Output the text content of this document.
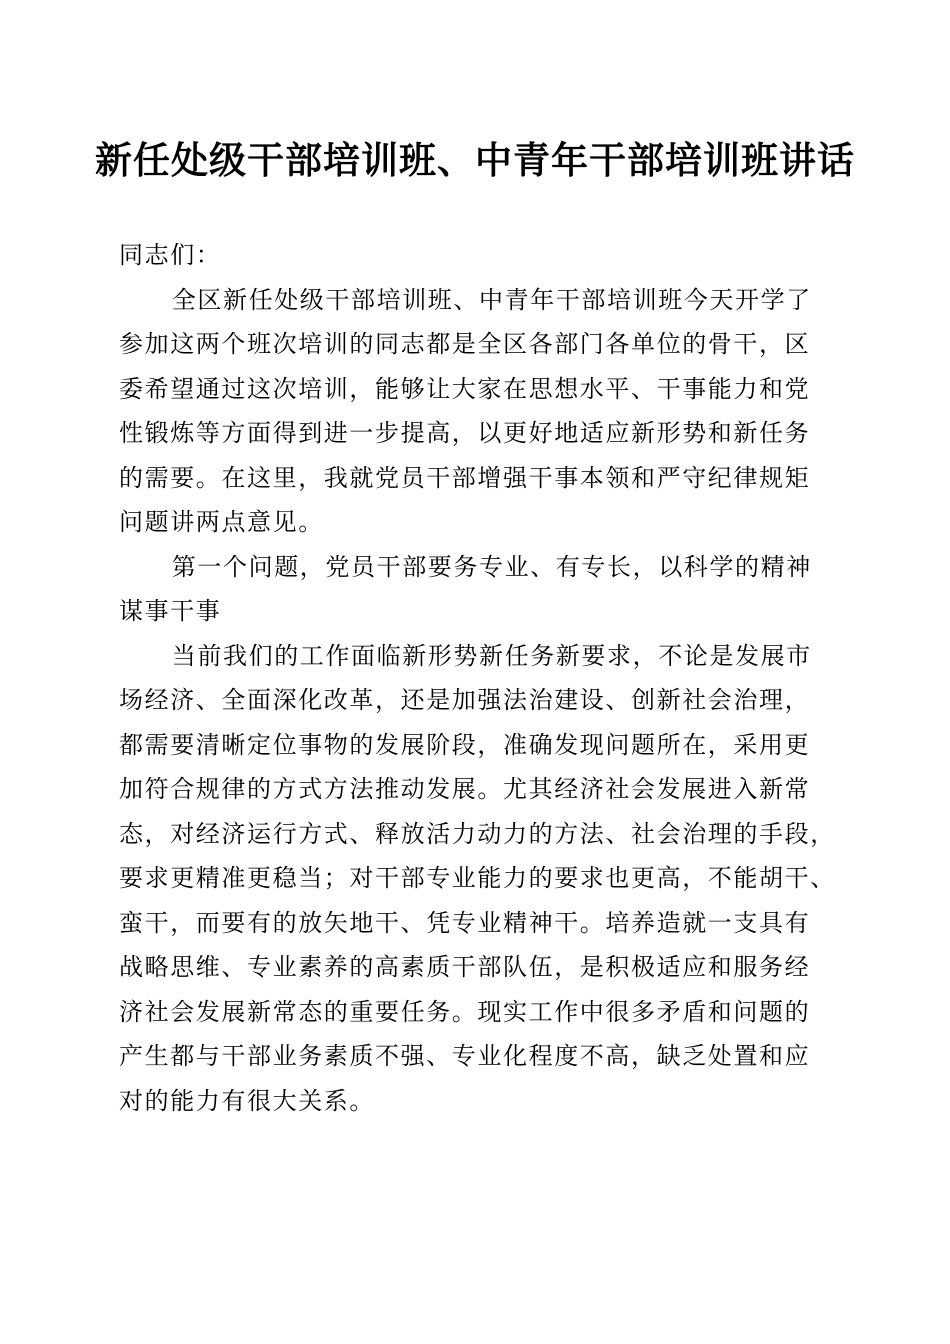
新任处级干部培训班、中青年干部培训班讲话
同志们：
全区新任处级干部培训班、中青年干部培训班今天开学了
参加这两个班次培训的同志都是全区各部门各单位的骨干，区
委希望通过这次培训，能够让大家在思想水平、干事能力和党
性锻炼等方面得到进一步提高，以更好地适应新形势和新任务
的需要。在这里，我就党员干部增强干事本领和严守纪律规矩
问题讲两点意见。
第一个问题，党员干部要务专业、有专长，以科学的精神
谋事干事
当前我们的工作面临新形势新任务新要求，不论是发展市
场经济、全面深化改革，还是加强法治建设、创新社会治理，
都需要清晰定位事物的发展阶段，准确发现问题所在，采用更
加符合规律的方式方法推动发展。尤其经济社会发展进入新常
态，对经济运行方式、释放活力动力的方法、社会治理的手段，
要求更精准更稳当；对干部专业能力的要求也更高，不能胡干、
蛮干，而要有的放矢地干、凭专业精神干。培养造就一支具有
战略思维、专业素养的高素质干部队伍，是积极适应和服务经
济社会发展新常态的重要任务。现实工作中很多矛盾和问题的
产生都与干部业务素质不强、专业化程度不高，缺乏处置和应
对的能力有很大关系。
